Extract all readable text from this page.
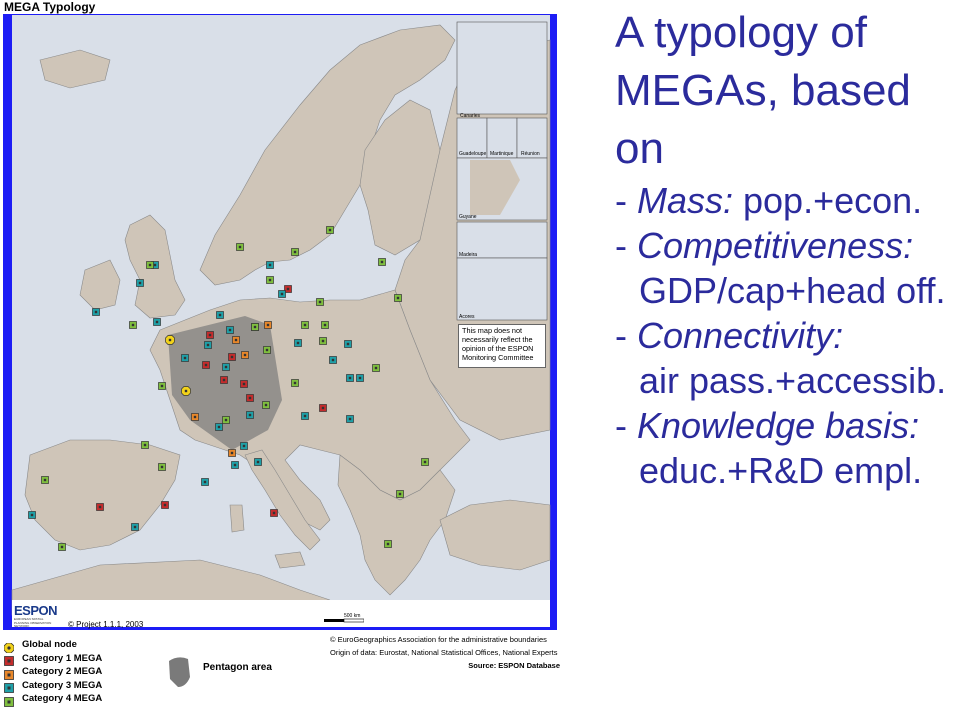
Canaries
Guadeloupe Martinique Réunion
Guyane
Madeira
Acores
MEGA Typology
This map does not necessarily reflect the opinion of the ESPON Monitoring Committee
ESPON
EUROPEAN SPATIAL PLANNING OBSERVATION NETWORK	© Project 1.1.1, 2003
500 km
Global node
Category 1 MEGA
Category 2 MEGA
Category 3 MEGA
Category 4 MEGA
Pentagon area
© EuroGeographics Association for the administrative boundaries
Origin of data: Eurostat, National Statistical Offices, National Experts

Source: ESPON Database
A typology of MEGAs, based on
- Mass: pop.+econ.
- Competitiveness:
GDP/cap+head off.
- Connectivity:
air pass.+accessib.
- Knowledge basis:
educ.+R&D empl.
